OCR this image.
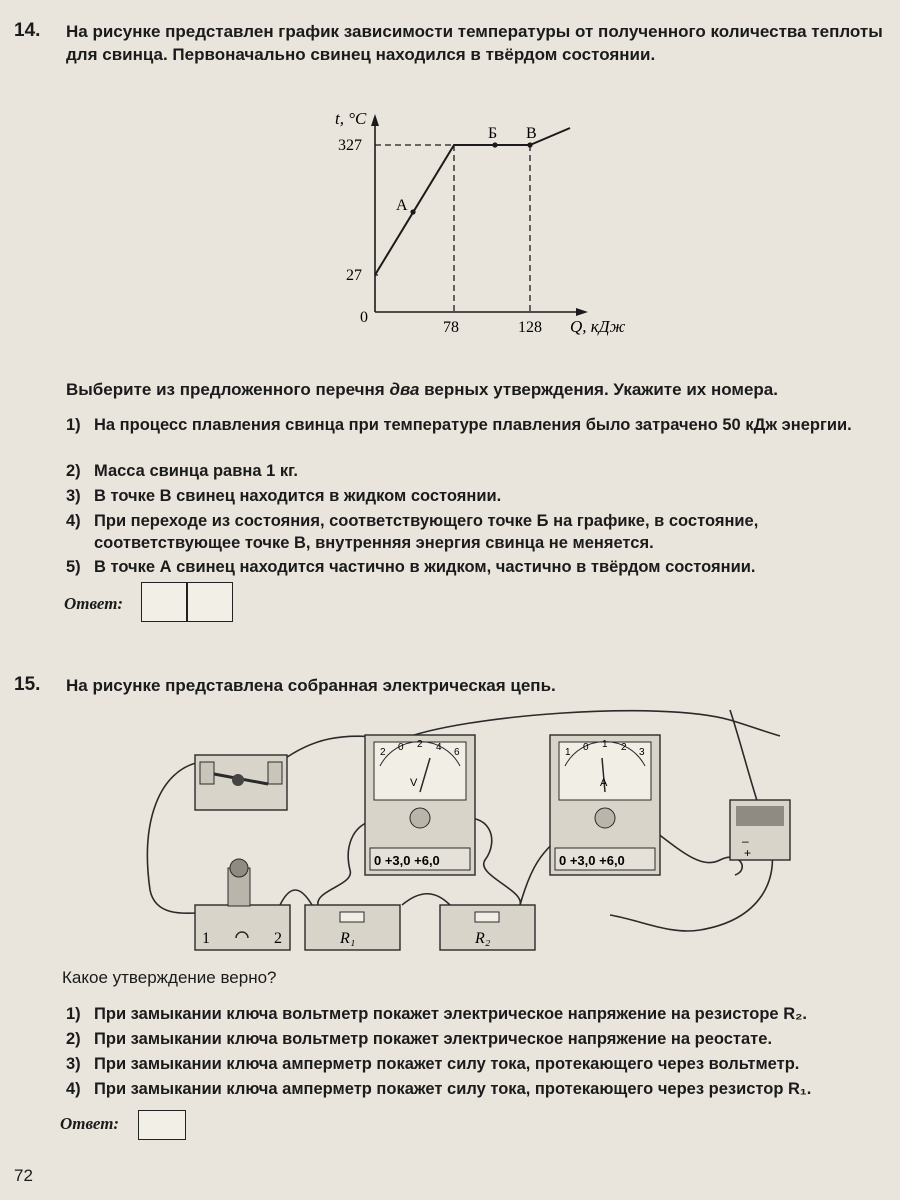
14. На рисунке представлен график зависимости температуры от полученного количества теплоты для свинца. Первоначально свинец находился в твёрдом состоянии.
t, °C
327
27
0
78	128 Q, кДж
А
Б В
Выберите из предложенного перечня два верных утверждения. Укажите их номера.
1) На процесс плавления свинца при температуре плавления было затрачено 50 кДж энергии.
2) Масса свинца равна 1 кг.
3) В точке В свинец находится в жидком состоянии.
4) При переходе из состояния, соответствующего точке Б на графике, в состояние, соответствующее точке В, внутренняя энергия свинца не меняется.
5) В точке А свинец находится частично в жидком, частично в твёрдом состоянии.
Ответ:
15. На рисунке представлена собранная электрическая цепь.
2 0 2 4 6
V
0 +3,0 +6,0
1 0 1 2 3
A
0 +3,0 +6,0
–
+
1	2	R₁	R₂
Какое утверждение верно?
1) При замыкании ключа вольтметр покажет электрическое напряжение на резисторе R₂.
2) При замыкании ключа вольтметр покажет электрическое напряжение на реостате.
3) При замыкании ключа амперметр покажет силу тока, протекающего через вольтметр.
4) При замыкании ключа амперметр покажет силу тока, протекающего через резистор R₁.
Ответ:
72
